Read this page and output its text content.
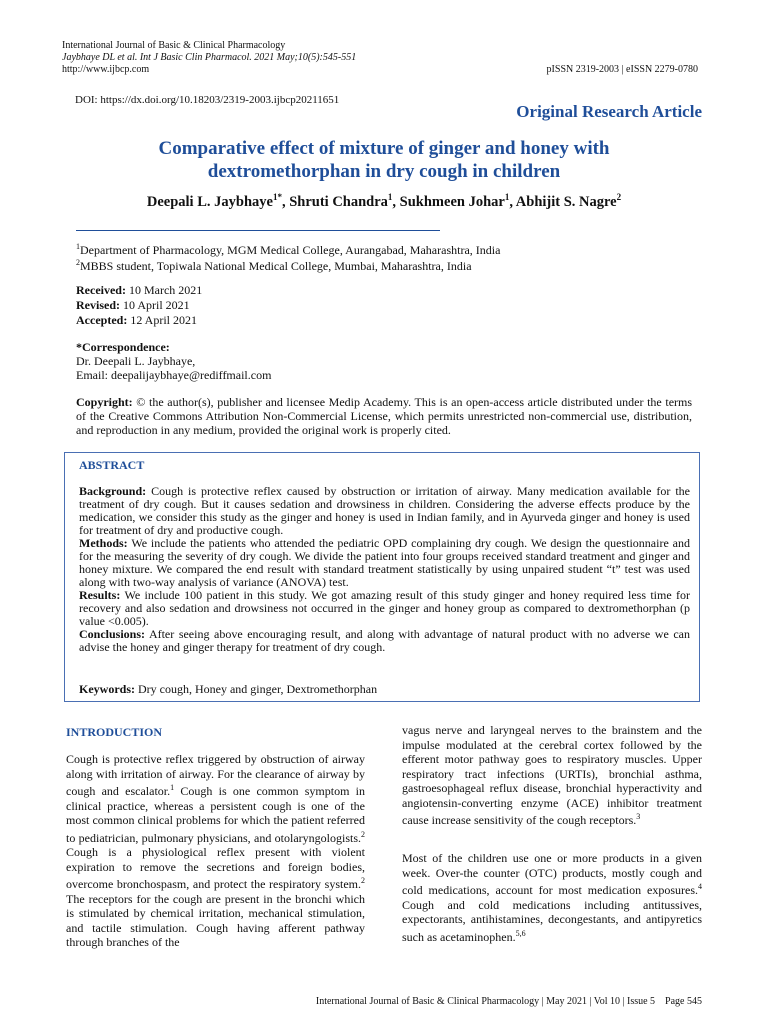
International Journal of Basic & Clinical Pharmacology
Jaybhaye DL et al. Int J Basic Clin Pharmacol. 2021 May;10(5):545-551
http://www.ijbcp.com	pISSN 2319-2003 | eISSN 2279-0780
DOI: https://dx.doi.org/10.18203/2319-2003.ijbcp20211651
Original Research Article
Comparative effect of mixture of ginger and honey with
dextromethorphan in dry cough in children
Deepali L. Jaybhaye$^{1*}$, Shruti Chandra$^1$, Sukhmeen Johar$^1$, Abhijit S. Nagre$^2$
$^1$Department of Pharmacology, MGM Medical College, Aurangabad, Maharashtra, India
$^2$MBBS student, Topiwala National Medical College, Mumbai, Maharashtra, India
Received: 10 March 2021
Revised: 10 April 2021
Accepted: 12 April 2021
*Correspondence:
Dr. Deepali L. Jaybhaye,
Email: deepalijaybhaye@rediffmail.com
Copyright: © the author(s), publisher and licensee Medip Academy. This is an open-access article distributed under the terms of the Creative Commons Attribution Non-Commercial License, which permits unrestricted non-commercial use, distribution, and reproduction in any medium, provided the original work is properly cited.
ABSTRACT

Background: Cough is protective reflex caused by obstruction or irritation of airway. Many medication available for the treatment of dry cough. But it causes sedation and drowsiness in children. Considering the adverse effects produce by the medication, we consider this study as the ginger and honey is used in Indian family, and in Ayurveda ginger and honey is used for treatment of dry and productive cough.

Methods: We include the patients who attended the pediatric OPD complaining dry cough. We design the questionnaire and for the measuring the severity of dry cough. We divide the patient into four groups received standard treatment and ginger and honey mixture. We compared the end result with standard treatment statistically by using unpaired student “t” test was used along with two-way analysis of variance (ANOVA) test.

Results: We include 100 patient in this study. We got amazing result of this study ginger and honey required less time for recovery and also sedation and drowsiness not occurred in the ginger and honey group as compared to dextromethorphan (p value <0.005).

Conclusions: After seeing above encouraging result, and along with advantage of natural product with no adverse we can advise the honey and ginger therapy for treatment of dry cough.

Keywords: Dry cough, Honey and ginger, Dextromethorphan
INTRODUCTION
Cough is protective reflex triggered by obstruction of airway along with irritation of airway. For the clearance of airway by cough and escalator.$^1$ Cough is one common symptom in clinical practice, whereas a persistent cough is one of the most common clinical problems for which the patient referred to pediatrician, pulmonary physicians, and otolaryngologists.$^2$ Cough is a physiological reflex present with violent expiration to remove the secretions and foreign bodies, overcome bronchospasm, and protect the respiratory system.$^2$ The receptors for the cough are present in the bronchi which is stimulated by chemical irritation, mechanical stimulation, and tactile stimulation. Cough having afferent pathway through branches of the
vagus nerve and laryngeal nerves to the brainstem and the impulse modulated at the cerebral cortex followed by the efferent motor pathway goes to respiratory muscles. Upper respiratory tract infections (URTIs), bronchial asthma, gastroesophageal reflux disease, bronchial hyperactivity and angiotensin-converting enzyme (ACE) inhibitor treatment cause increase sensitivity of the cough receptors.$^3$
Most of the children use one or more products in a given week. Over-the counter (OTC) products, mostly cough and cold medications, account for most medication exposures.$^4$ Cough and cold medications including antitussives, expectorants, antihistamines, decongestants, and antipyretics such as acetaminophen.$^{5,6}$
International Journal of Basic & Clinical Pharmacology | May 2021 | Vol 10 | Issue 5    Page 545
